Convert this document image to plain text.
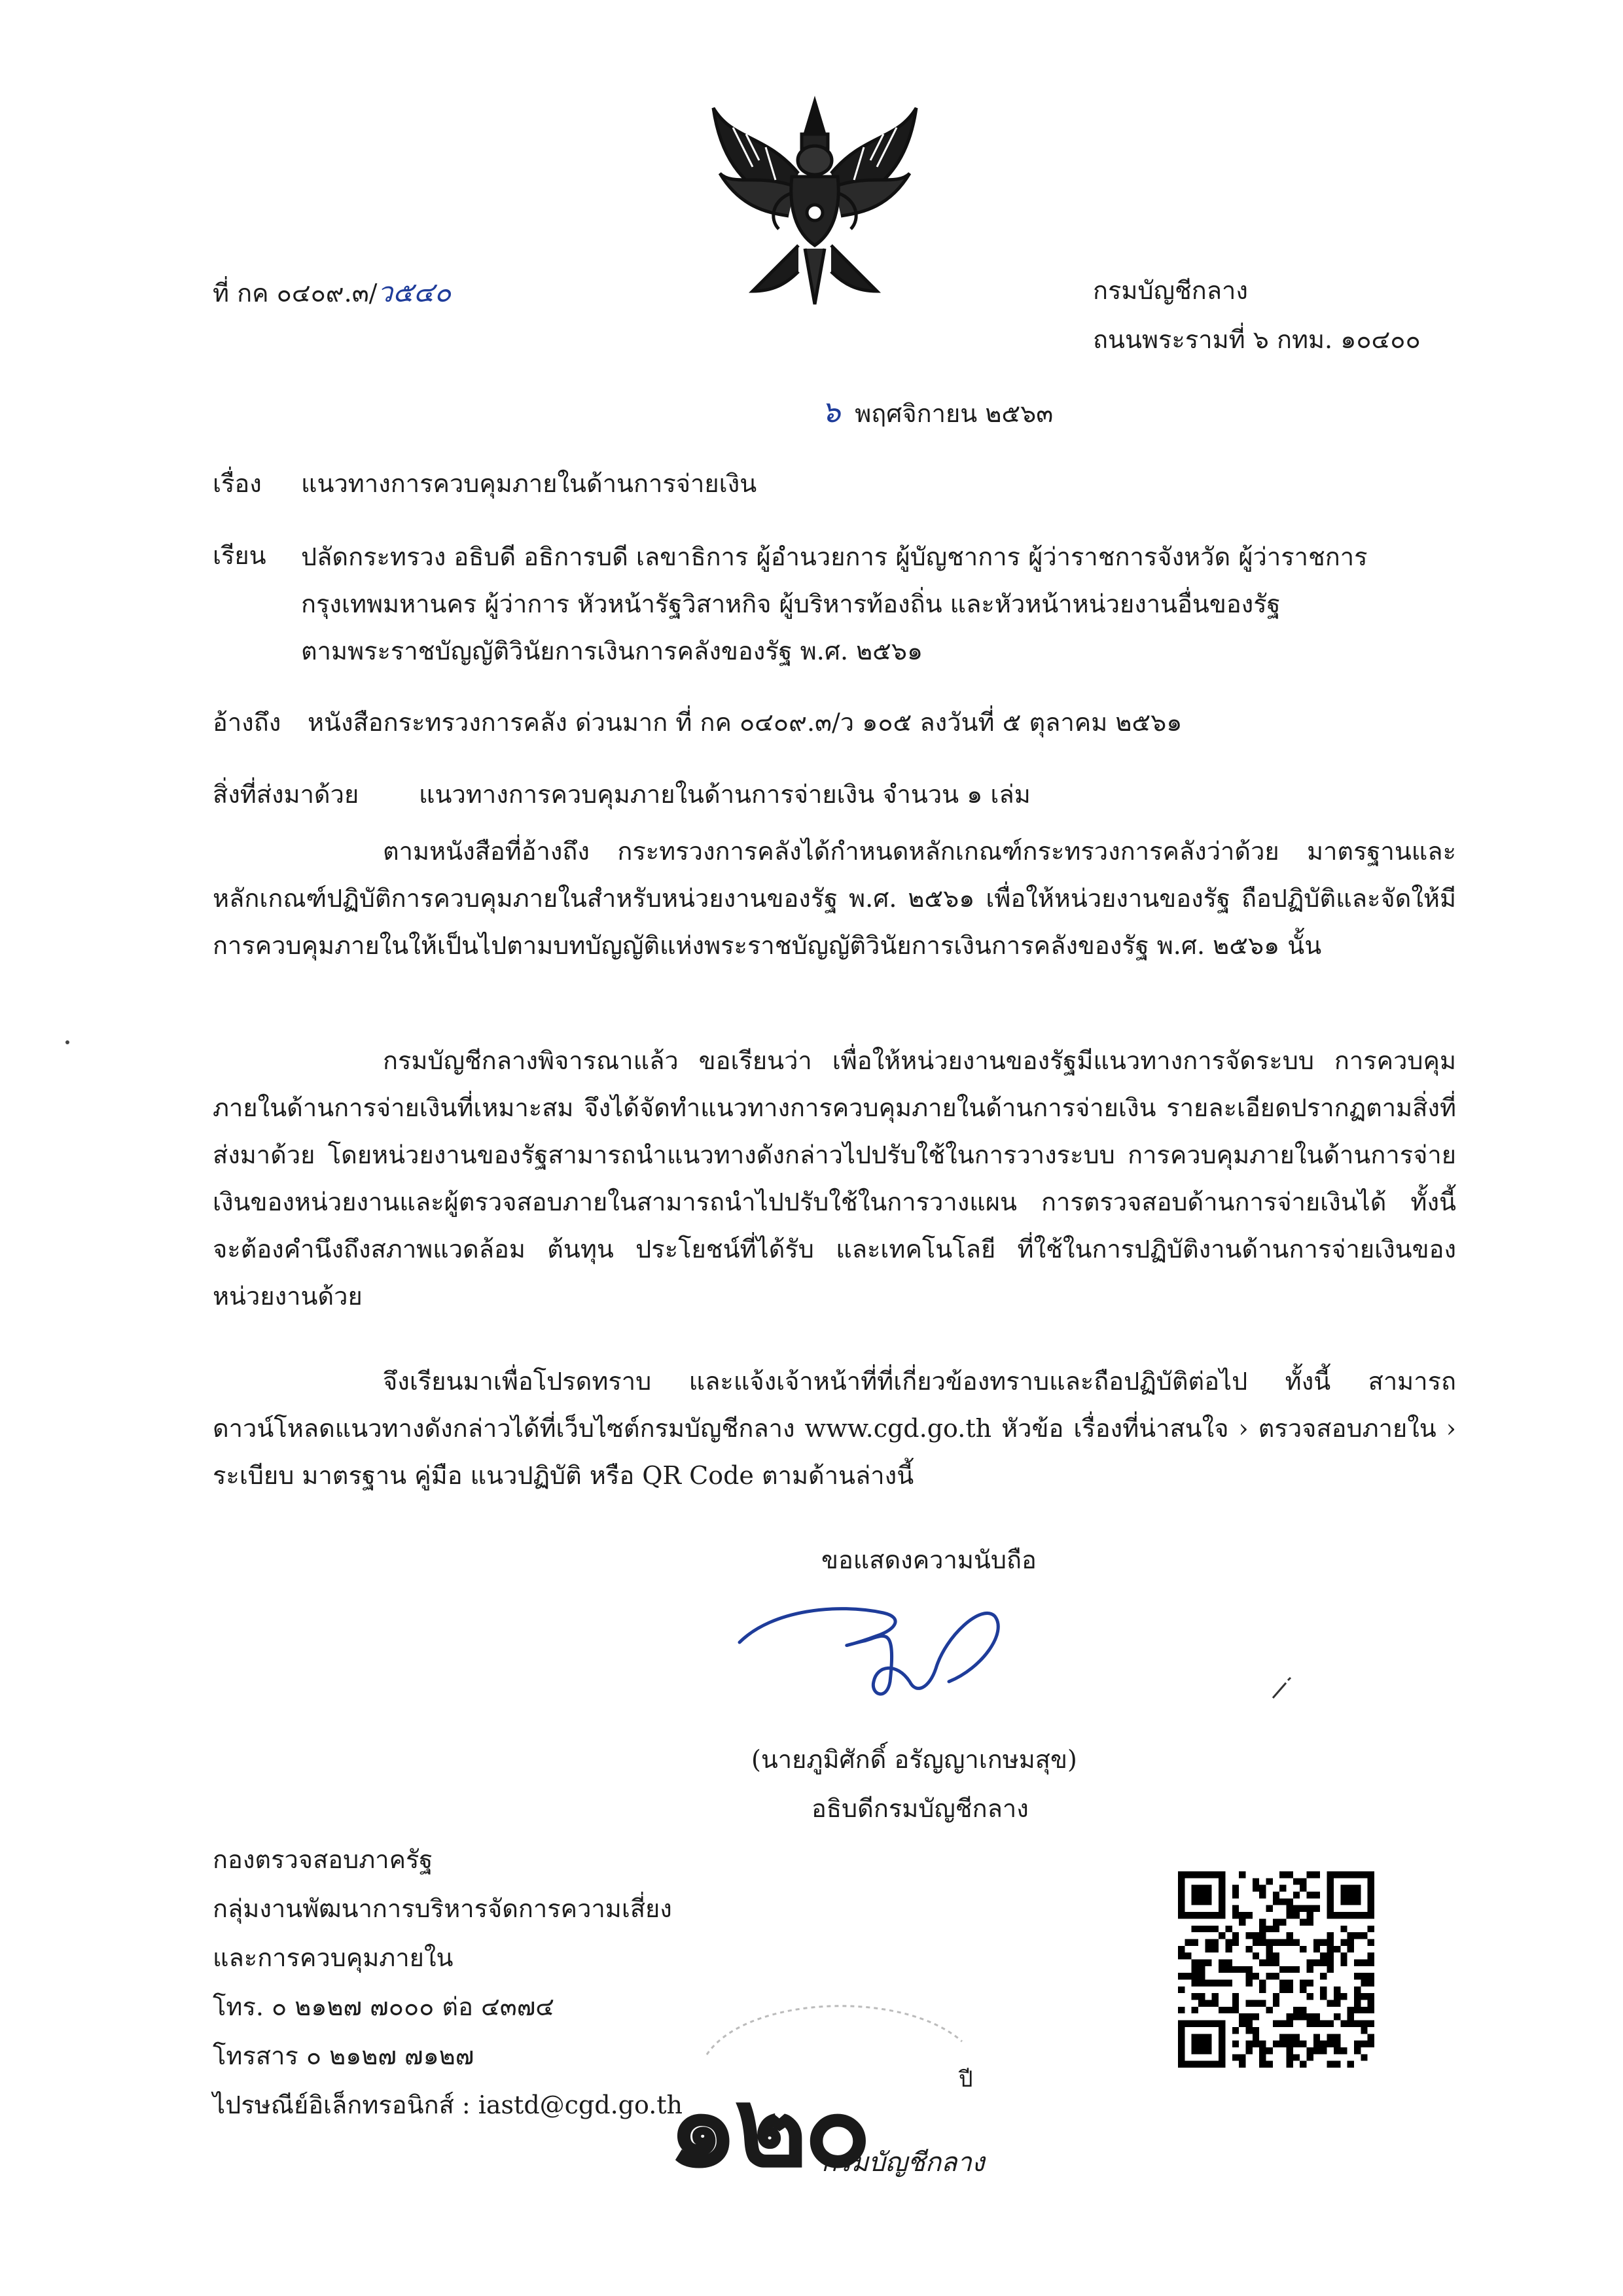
ที่ กค ๐๔๐๙.๓/ว๕๔๐	กรมบัญชีกลาง
ถนนพระรามที่ ๖ กทม. ๑๐๔๐๐
๖ พฤศจิกายน ๒๕๖๓
เรื่อง แนวทางการควบคุมภายในด้านการจ่ายเงิน
เรียน ปลัดกระทรวง อธิบดี อธิการบดี เลขาธิการ ผู้อำนวยการ ผู้บัญชาการ ผู้ว่าราชการจังหวัด ผู้ว่าราชการ
กรุงเทพมหานคร ผู้ว่าการ หัวหน้ารัฐวิสาหกิจ ผู้บริหารท้องถิ่น และหัวหน้าหน่วยงานอื่นของรัฐ
ตามพระราชบัญญัติวินัยการเงินการคลังของรัฐ พ.ศ. ๒๕๖๑
อ้างถึง หนังสือกระทรวงการคลัง ด่วนมาก ที่ กค ๐๔๐๙.๓/ว ๑๐๕ ลงวันที่ ๕ ตุลาคม ๒๕๖๑
สิ่งที่ส่งมาด้วย แนวทางการควบคุมภายในด้านการจ่ายเงิน จำนวน ๑ เล่ม
ตามหนังสือที่อ้างถึง กระทรวงการคลังได้กำหนดหลักเกณฑ์กระทรวงการคลังว่าด้วย มาตรฐานและหลักเกณฑ์ปฏิบัติการควบคุมภายในสำหรับหน่วยงานของรัฐ พ.ศ. ๒๕๖๑ เพื่อให้หน่วยงานของรัฐ ถือปฏิบัติและจัดให้มีการควบคุมภายในให้เป็นไปตามบทบัญญัติแห่งพระราชบัญญัติวินัยการเงินการคลังของรัฐ พ.ศ. ๒๕๖๑ นั้น
กรมบัญชีกลางพิจารณาแล้ว ขอเรียนว่า เพื่อให้หน่วยงานของรัฐมีแนวทางการจัดระบบ การควบคุมภายในด้านการจ่ายเงินที่เหมาะสม จึงได้จัดทำแนวทางการควบคุมภายในด้านการจ่ายเงิน รายละเอียดปรากฏตามสิ่งที่ส่งมาด้วย โดยหน่วยงานของรัฐสามารถนำแนวทางดังกล่าวไปปรับใช้ในการวางระบบ การควบคุมภายในด้านการจ่ายเงินของหน่วยงานและผู้ตรวจสอบภายในสามารถนำไปปรับใช้ในการวางแผน การตรวจสอบด้านการจ่ายเงินได้ ทั้งนี้ จะต้องคำนึงถึงสภาพแวดล้อม ต้นทุน ประโยชน์ที่ได้รับ และเทคโนโลยี ที่ใช้ในการปฏิบัติงานด้านการจ่ายเงินของหน่วยงานด้วย
จึงเรียนมาเพื่อโปรดทราบ และแจ้งเจ้าหน้าที่ที่เกี่ยวข้องทราบและถือปฏิบัติต่อไป ทั้งนี้ สามารถดาวน์โหลดแนวทางดังกล่าวได้ที่เว็บไซต์กรมบัญชีกลาง www.cgd.go.th หัวข้อ เรื่องที่น่าสนใจ › ตรวจสอบภายใน › ระเบียบ มาตรฐาน คู่มือ แนวปฏิบัติ หรือ QR Code ตามด้านล่างนี้
ขอแสดงความนับถือ
(นายภูมิศักดิ์ อรัญญาเกษมสุข)
อธิบดีกรมบัญชีกลาง
กองตรวจสอบภาครัฐ
กลุ่มงานพัฒนาการบริหารจัดการความเสี่ยง
และการควบคุมภายใน
โทร. ๐ ๒๑๒๗ ๗๐๐๐ ต่อ ๔๓๗๔
โทรสาร ๐ ๒๑๒๗ ๗๑๒๗
ไปรษณีย์อิเล็กทรอนิกส์ : iastd@cgd.go.th
๑๒๐	ปี
กรมบัญชีกลาง
